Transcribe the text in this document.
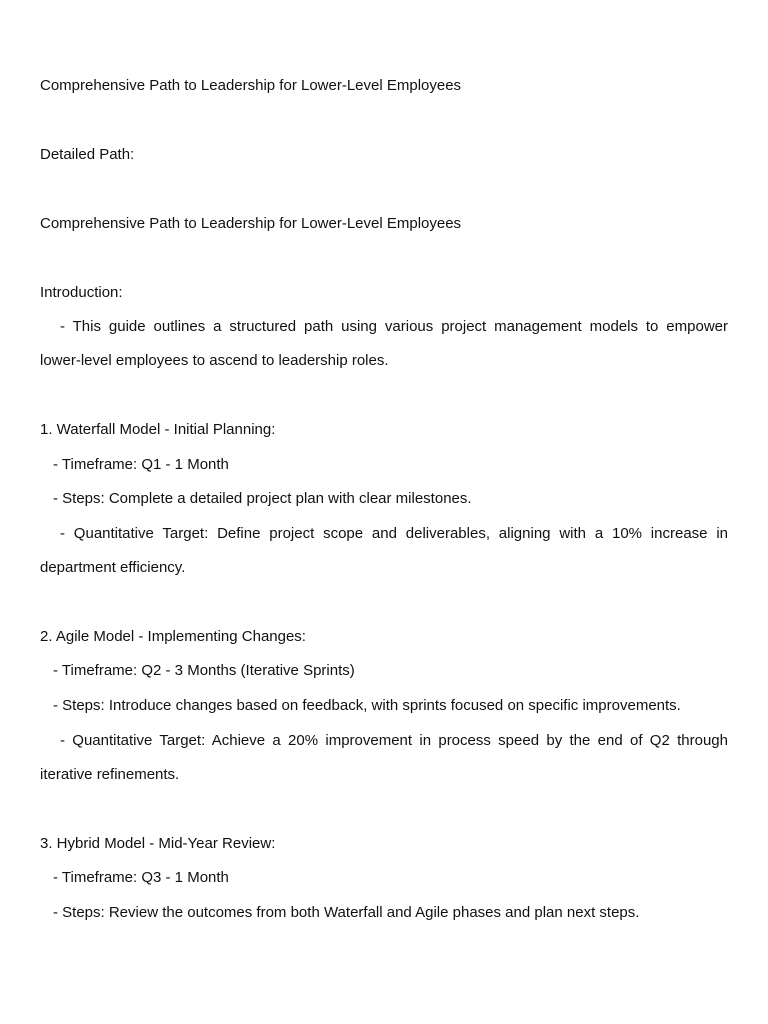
Comprehensive Path to Leadership for Lower-Level Employees
Detailed Path:
Comprehensive Path to Leadership for Lower-Level Employees
Introduction:
- This guide outlines a structured path using various project management models to empower
lower-level employees to ascend to leadership roles.
1. Waterfall Model - Initial Planning:
- Timeframe: Q1 - 1 Month
- Steps: Complete a detailed project plan with clear milestones.
- Quantitative Target: Define project scope and deliverables, aligning with a 10% increase in
department efficiency.
2. Agile Model - Implementing Changes:
- Timeframe: Q2 - 3 Months (Iterative Sprints)
- Steps: Introduce changes based on feedback, with sprints focused on specific improvements.
- Quantitative Target: Achieve a 20% improvement in process speed by the end of Q2 through
iterative refinements.
3. Hybrid Model - Mid-Year Review:
- Timeframe: Q3 - 1 Month
- Steps: Review the outcomes from both Waterfall and Agile phases and plan next steps.
